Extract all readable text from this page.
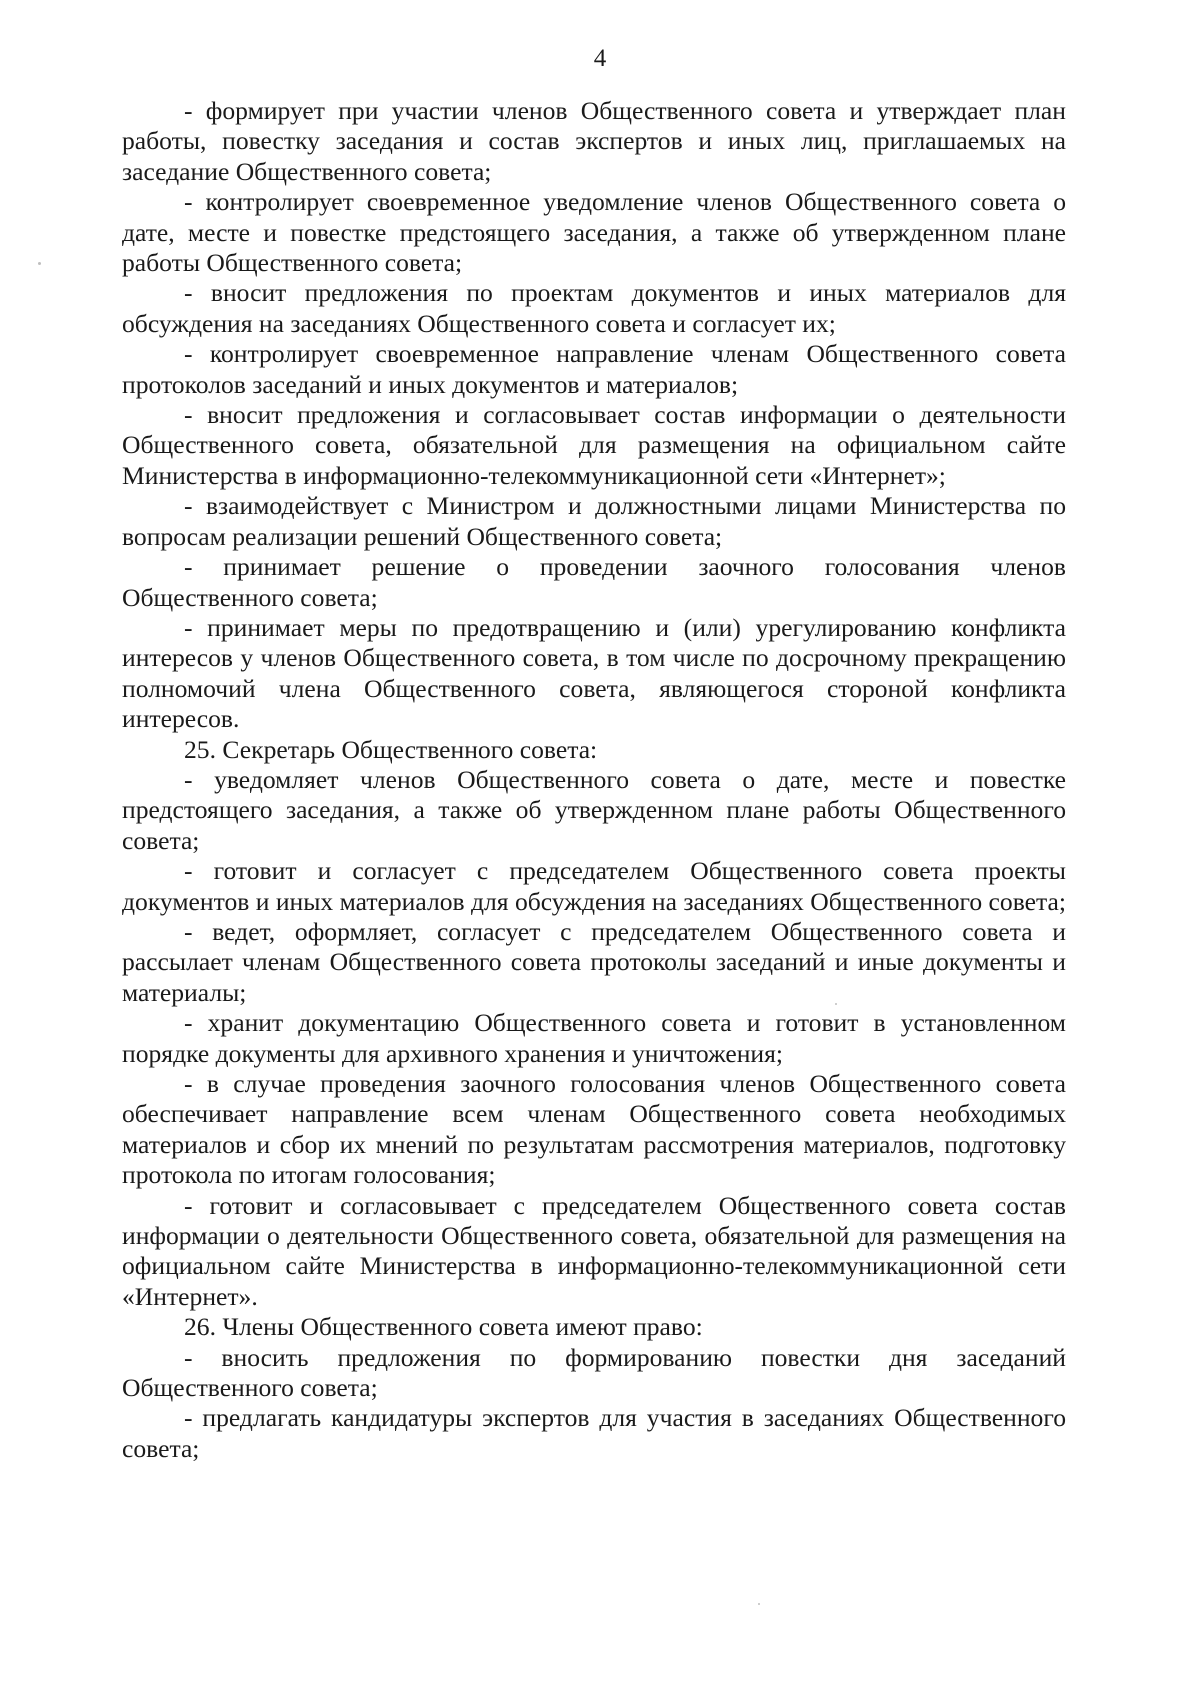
4

- формирует при участии членов Общественного совета и утверждает план работы, повестку заседания и состав экспертов и иных лиц, приглашаемых на заседание Общественного совета;

- контролирует своевременное уведомление членов Общественного совета о дате, месте и повестке предстоящего заседания, а также об утвержденном плане работы Общественного совета;

- вносит предложения по проектам документов и иных материалов для обсуждения на заседаниях Общественного совета и согласует их;

- контролирует своевременное направление членам Общественного совета протоколов заседаний и иных документов и материалов;

- вносит предложения и согласовывает состав информации о деятельности Общественного совета, обязательной для размещения на официальном сайте Министерства в информационно-телекоммуникационной сети «Интернет»;

- взаимодействует с Министром и должностными лицами Министерства по вопросам реализации решений Общественного совета;

- принимает решение о проведении заочного голосования членов Общественного совета;

- принимает меры по предотвращению и (или) урегулированию конфликта интересов у членов Общественного совета, в том числе по досрочному прекращению полномочий члена Общественного совета, являющегося стороной конфликта интересов.

25. Секретарь Общественного совета:

- уведомляет членов Общественного совета о дате, месте и повестке предстоящего заседания, а также об утвержденном плане работы Общественного совета;

- готовит и согласует с председателем Общественного совета проекты документов и иных материалов для обсуждения на заседаниях Общественного совета;

- ведет, оформляет, согласует с председателем Общественного совета и рассылает членам Общественного совета протоколы заседаний и иные документы и материалы;

- хранит документацию Общественного совета и готовит в установленном порядке документы для архивного хранения и уничтожения;

- в случае проведения заочного голосования членов Общественного совета обеспечивает направление всем членам Общественного совета необходимых материалов и сбор их мнений по результатам рассмотрения материалов, подготовку протокола по итогам голосования;

- готовит и согласовывает с председателем Общественного совета состав информации о деятельности Общественного совета, обязательной для размещения на официальном сайте Министерства в информационно-телекоммуникационной сети «Интернет».

26. Члены Общественного совета имеют право:

- вносить предложения по формированию повестки дня заседаний Общественного совета;

- предлагать кандидатуры экспертов для участия в заседаниях Общественного совета;
